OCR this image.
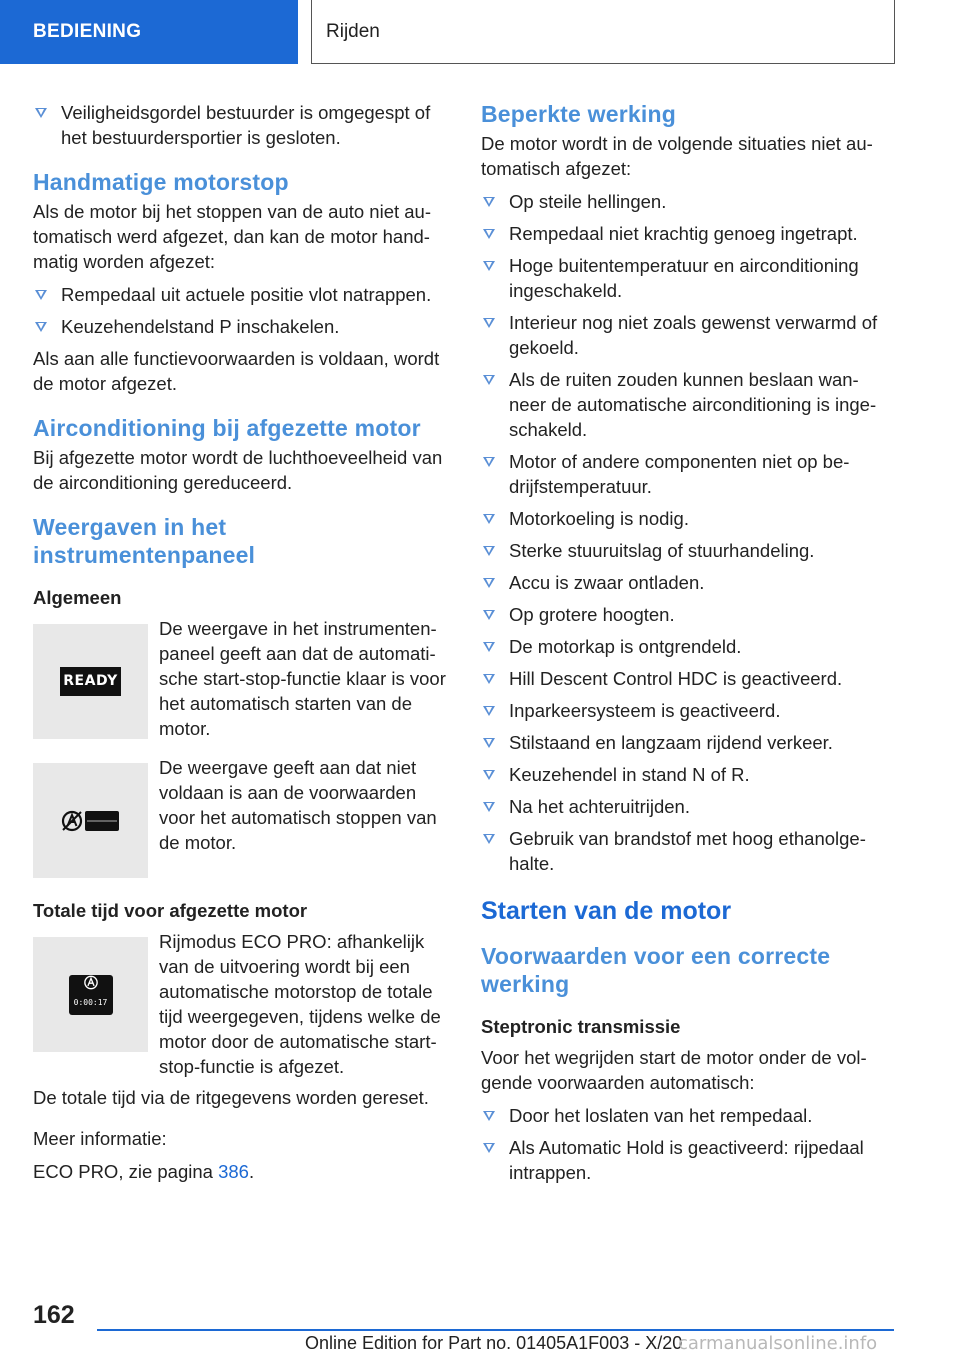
BEDIENING	Rijden
Veiligheidsgordel bestuurder is omgegespt of het bestuurdersportier is gesloten.
Handmatige motorstop

Als de motor bij het stoppen van de auto niet au-tomatisch werd afgezet, dan kan de motor hand-matig worden afgezet:

Rempedaal uit actuele positie vlot natrappen.
Keuzehendelstand P inschakelen.

Als aan alle functievoorwaarden is voldaan, wordt de motor afgezet.

Airconditioning bij afgezette motor

Bij afgezette motor wordt de luchthoeveelheid van de airconditioning gereduceerd.

Weergaven in het instrumentenpaneel
Algemeen
READY
De weergave in het instrumenten-paneel geeft aan dat de automati-sche start-stop-functie klaar is voor het automatisch starten van de motor.
De weergave geeft aan dat niet voldaan is aan de voorwaarden voor het automatisch stoppen van de motor.
Totale tijd voor afgezette motor
0:00:17
Rijmodus ECO PRO: afhankelijk van de uitvoering wordt bij een automatische motorstop de totale tijd weergegeven, tijdens welke de motor door de automatische start-stop-functie is afgezet.

De totale tijd via de ritgegevens worden gereset.

Meer informatie:

ECO PRO, zie pagina 386.

Beperkte werking

De motor wordt in de volgende situaties niet au-tomatisch afgezet:

Op steile hellingen.
Rempedaal niet krachtig genoeg ingetrapt.
Hoge buitentemperatuur en airconditioning ingeschakeld.
Interieur nog niet zoals gewenst verwarmd of gekoeld.
Als de ruiten zouden kunnen beslaan wan-neer de automatische airconditioning is inge-schakeld.
Motor of andere componenten niet op be-drijfstemperatuur.
Motorkoeling is nodig.
Sterke stuuruitslag of stuurhandeling.
Accu is zwaar ontladen.
Op grotere hoogten.
De motorkap is ontgrendeld.
Hill Descent Control HDC is geactiveerd.
Inparkeersysteem is geactiveerd.
Stilstaand en langzaam rijdend verkeer.
Keuzehendel in stand N of R.
Na het achteruitrijden.
Gebruik van brandstof met hoog ethanolge-halte.
Starten van de motor
Voorwaarden voor een correcte werking
Steptronic transmissie

Voor het wegrijden start de motor onder de vol-gende voorwaarden automatisch:

Door het loslaten van het rempedaal.
Als Automatic Hold is geactiveerd: rijpedaal intrappen.
162
Online Edition for Part no. 01405A1F003 - X/20
carmanualsonline.info
